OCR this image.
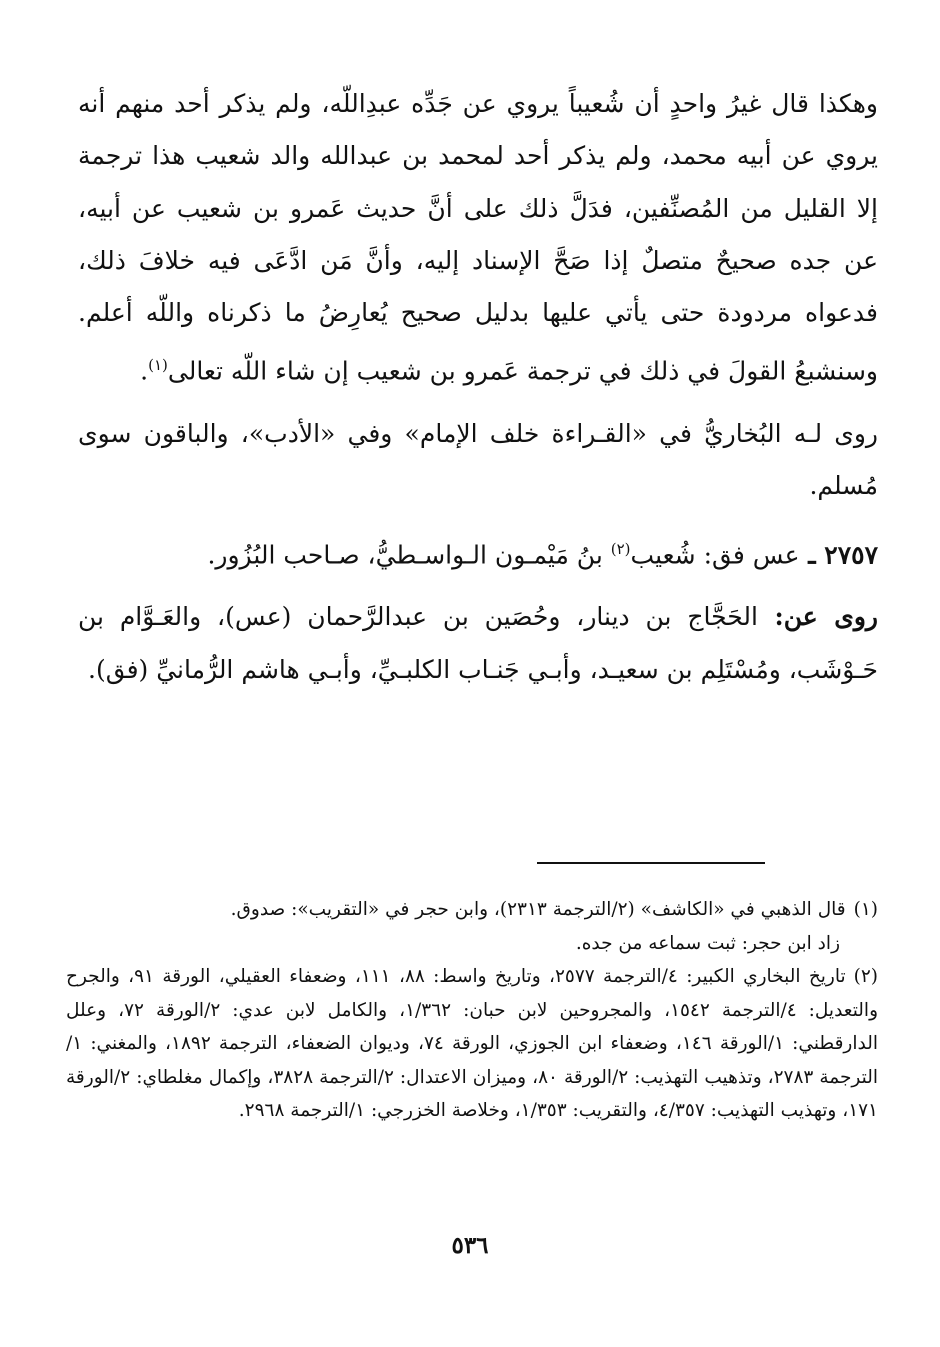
وهكذا قال غيرُ واحدٍ أن شُعيباً يروي عن جَدِّه عبدِاللّه، ولم يذكر أحد منهم أنه يروي عن أبيه محمد، ولم يذكر أحد لمحمد بن عبدالله والد شعيب هذا ترجمة إلا القليل من المُصنِّفين، فدَلَّ ذلك على أنَّ حديث عَمرو بن شعيب عن أبيه، عن جده صحيحٌ متصلٌ إذا صَحَّ الإسناد إليه، وأنَّ مَن ادَّعَى فيه خلافَ ذلك، فدعواه مردودة حتى يأتي عليها بدليل صحيح يُعارِضُ ما ذكرناه واللّه أعلم. وسنشبعُ القولَ في ذلك في ترجمة عَمرو بن شعيب إن شاء اللّه تعالى$^{(١)}$.

روى لـه البُخاريُّ في «القـراءة خلف الإمام» وفي «الأدب»، والباقون سوى مُسلم.

٢٧٥٧ ـ عس فق: شُعيب$^{(٢)}$ بنُ مَيْمـون الـواسـطيُّ، صـاحب البُزُور.

روى عن: الحَجَّاج بن دينار، وحُصَين بن عبدالرَّحمان (عس)، والعَـوَّام بن حَـوْشَب، ومُسْتَلِم بن سعيـد، وأبـي جَنـاب الكلبـيِّ، وأبـي هاشم الرُّمانيِّ (فق).

(١)قال الذهبي في «الكاشف» (٢/الترجمة ٢٣١٣)، وابن حجر في «التقريب»: صدوق.

زاد ابن حجر: ثبت سماعه من جده.

(٢)تاريخ البخاري الكبير: ٤/الترجمة ٢٥٧٧، وتاريخ واسط: ٨٨، ١١١، وضعفاء العقيلي، الورقة ٩١، والجرح والتعديل: ٤/الترجمة ١٥٤٢، والمجروحين لابن حبان: ١/٣٦٢، والكامل لابن عدي: ٢/الورقة ٧٢، وعلل الدارقطني: ١/الورقة ١٤٦، وضعفاء ابن الجوزي، الورقة ٧٤، وديوان الضعفاء، الترجمة ١٨٩٢، والمغني: ١/الترجمة ٢٧٨٣، وتذهيب التهذيب: ٢/الورقة ٨٠، وميزان الاعتدال: ٢/الترجمة ٣٨٢٨، وإكمال مغلطاي: ٢/الورقة ١٧١، وتهذيب التهذيب: ٤/٣٥٧، والتقريب: ١/٣٥٣، وخلاصة الخزرجي: ١/الترجمة ٢٩٦٨.

٥٣٦
